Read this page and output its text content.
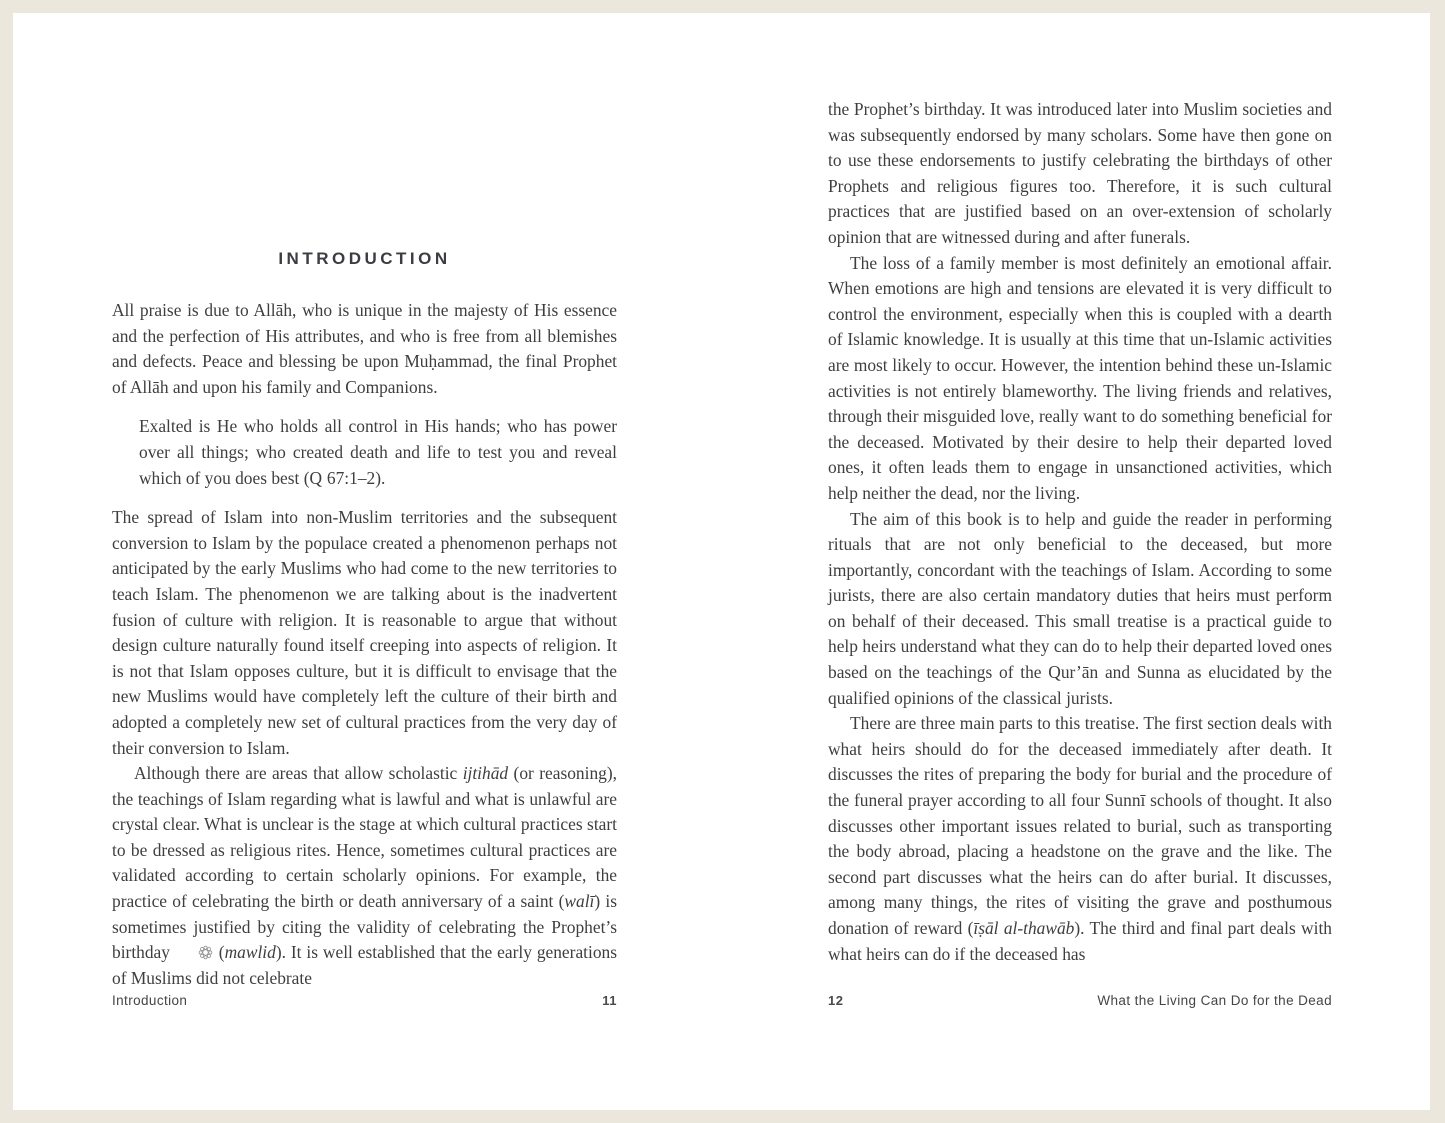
INTRODUCTION

All praise is due to Allāh, who is unique in the majesty of His essence and the perfection of His attributes, and who is free from all blemishes and defects. Peace and blessing be upon Muḥammad, the final Prophet of Allāh and upon his family and Companions.

Exalted is He who holds all control in His hands; who has power over all things; who created death and life to test you and reveal which of you does best (Q 67:1–2).

The spread of Islam into non-Muslim territories and the subsequent conversion to Islam by the populace created a phenomenon perhaps not anticipated by the early Muslims who had come to the new territories to teach Islam. The phenomenon we are talking about is the inadvertent fusion of culture with religion. It is reasonable to argue that without design culture naturally found itself creeping into aspects of religion. It is not that Islam opposes culture, but it is difficult to envisage that the new Muslims would have completely left the culture of their birth and adopted a completely new set of cultural practices from the very day of their conversion to Islam.

Although there are areas that allow scholastic ijtihād (or reasoning), the teachings of Islam regarding what is lawful and what is unlawful are crystal clear. What is unclear is the stage at which cultural practices start to be dressed as religious rites. Hence, sometimes cultural practices are validated according to certain scholarly opinions. For example, the practice of celebrating the birth or death anniversary of a saint (walī) is sometimes justified by citing the validity of celebrating the Prophet’s birthday  (mawlid). It is well established that the early generations of Muslims did not celebrate

the Prophet’s birthday. It was introduced later into Muslim societies and was subsequently endorsed by many scholars. Some have then gone on to use these endorsements to justify celebrating the birthdays of other Prophets and religious figures too. Therefore, it is such cultural practices that are justified based on an over-extension of scholarly opinion that are witnessed during and after funerals.

The loss of a family member is most definitely an emotional affair. When emotions are high and tensions are elevated it is very difficult to control the environment, especially when this is coupled with a dearth of Islamic knowledge. It is usually at this time that un-Islamic activities are most likely to occur. However, the intention behind these un-Islamic activities is not entirely blameworthy. The living friends and relatives, through their misguided love, really want to do something beneficial for the deceased. Motivated by their desire to help their departed loved ones, it often leads them to engage in unsanctioned activities, which help neither the dead, nor the living.

The aim of this book is to help and guide the reader in performing rituals that are not only beneficial to the deceased, but more importantly, concordant with the teachings of Islam. According to some jurists, there are also certain mandatory duties that heirs must perform on behalf of their deceased. This small treatise is a practical guide to help heirs understand what they can do to help their departed loved ones based on the teachings of the Qur’ān and Sunna as elucidated by the qualified opinions of the classical jurists.

There are three main parts to this treatise. The first section deals with what heirs should do for the deceased immediately after death. It discusses the rites of preparing the body for burial and the procedure of the funeral prayer according to all four Sunnī schools of thought. It also discusses other important issues related to burial, such as transporting the body abroad, placing a headstone on the grave and the like. The second part discusses what the heirs can do after burial. It discusses, among many things, the rites of visiting the grave and posthumous donation of reward (īṣāl al-thawāb). The third and final part deals with what heirs can do if the deceased has

Introduction	11	12	What the Living Can Do for the Dead
